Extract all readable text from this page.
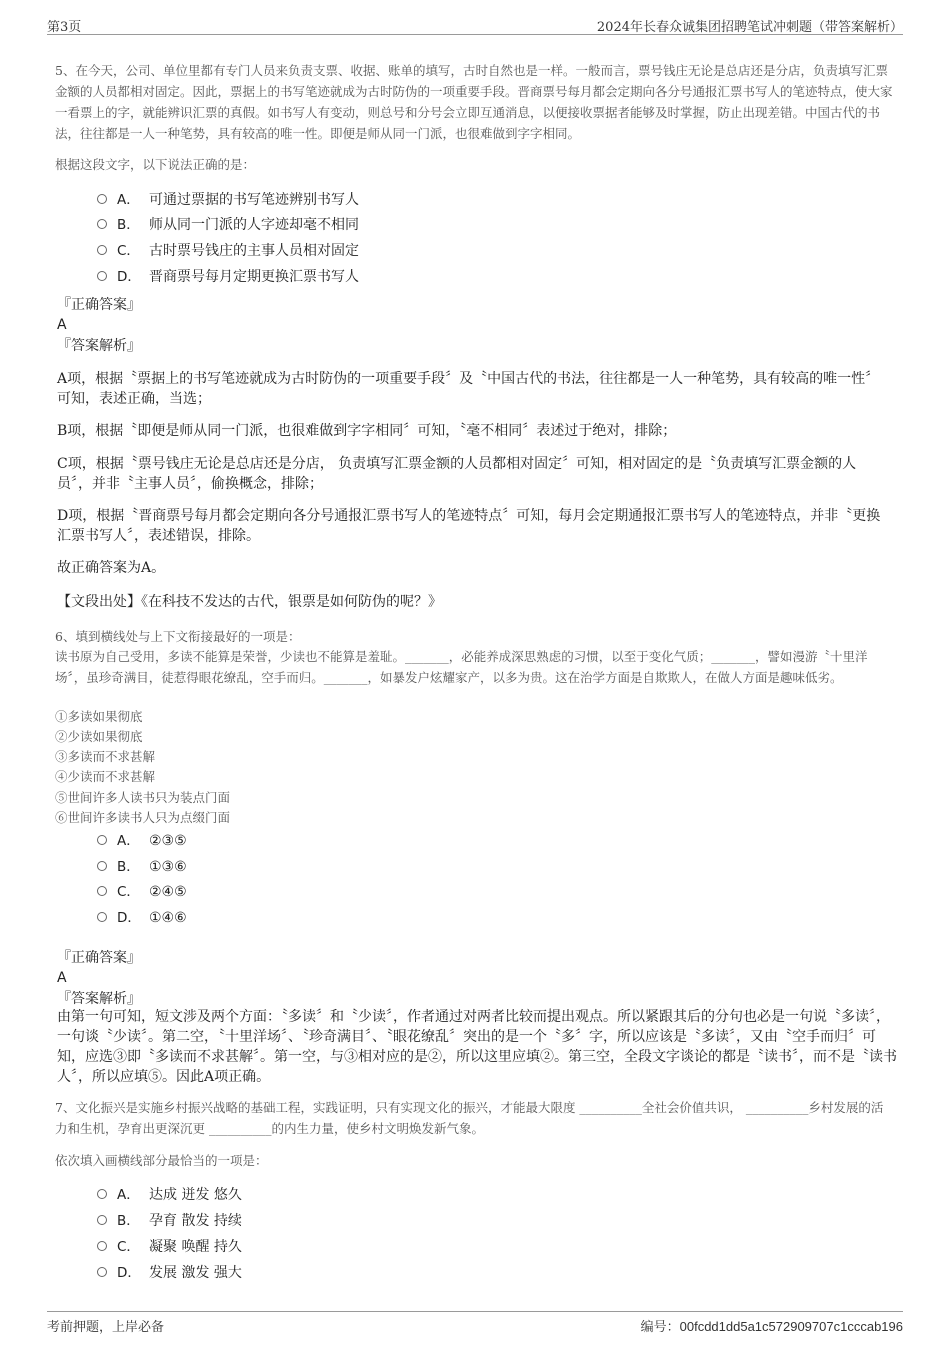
第3页	2024年长春众诚集团招聘笔试冲刺题（带答案解析）
5、在今天，公司、单位里都有专门人员来负责支票、收据、账单的填写，古时自然也是一样。一般而言，票号钱庄无论是总店还是分店，负责填写汇票金额的人员都相对固定。因此，票据上的书写笔迹就成为古时防伪的一项重要手段。晋商票号每月都会定期向各分号通报汇票书写人的笔迹特点，使大家一看票上的字，就能辨识汇票的真假。如书写人有变动，则总号和分号会立即互通消息，以便接收票据者能够及时掌握，防止出现差错。中国古代的书法，往往都是一人一种笔势，具有较高的唯一性。即便是师从同一门派，也很难做到字字相同。
根据这段文字，以下说法正确的是：
A． 可通过票据的书写笔迹辨别书写人
B． 师从同一门派的人字迹却毫不相同
C． 古时票号钱庄的主事人员相对固定
D． 晋商票号每月定期更换汇票书写人
『正确答案』
A
『答案解析』
A项，根据〝票据上的书写笔迹就成为古时防伪的一项重要手段〞及〝中国古代的书法，往往都是一人一种笔势，具有较高的唯一性〞可知，表述正确，当选；
B项，根据〝即便是师从同一门派，也很难做到字字相同〞可知，〝毫不相同〞表述过于绝对，排除；
C项，根据〝票号钱庄无论是总店还是分店， 负责填写汇票金额的人员都相对固定〞可知，相对固定的是〝负责填写汇票金额的人员〞，并非〝主事人员〞，偷换概念，排除；
D项，根据〝晋商票号每月都会定期向各分号通报汇票书写人的笔迹特点〞可知，每月会定期通报汇票书写人的笔迹特点，并非〝更换汇票书写人〞，表述错误，排除。
故正确答案为A。
【文段出处】《在科技不发达的古代，银票是如何防伪的呢？》
6、填到横线处与上下文衔接最好的一项是：
读书原为自己受用，多读不能算是荣誉，少读也不能算是羞耻。_______，必能养成深思熟虑的习惯，以至于变化气质；_______，譬如漫游〝十里洋场〞，虽珍奇满目，徒惹得眼花缭乱，空手而归。_______，如暴发户炫耀家产，以多为贵。这在治学方面是自欺欺人，在做人方面是趣味低劣。
①多读如果彻底
②少读如果彻底
③多读而不求甚解
④少读而不求甚解
⑤世间许多人读书只为装点门面
⑥世间许多读书人只为点缀门面
A． ②③⑤
B． ①③⑥
C． ②④⑤
D． ①④⑥
『正确答案』
A
『答案解析』
由第一句可知，短文涉及两个方面：〝多读〞和〝少读〞，作者通过对两者比较而提出观点。所以紧跟其后的分句也必是一句说〝多读〞，一句谈〝少读〞。第二空，〝十里洋场〞、〝珍奇满目〞、〝眼花缭乱〞突出的是一个〝多〞字，所以应该是〝多读〞，又由〝空手而归〞可知，应选③即〝多读而不求甚解〞。第一空，与③相对应的是②，所以这里应填②。第三空，全段文字谈论的都是〝读书〞，而不是〝读书人〞，所以应填⑤。因此A项正确。
7、文化振兴是实施乡村振兴战略的基础工程，实践证明，只有实现文化的振兴，才能最大限度 __________全社会价值共识， __________乡村发展的活力和生机，孕育出更深沉更 __________的内生力量，使乡村文明焕发新气象。
依次填入画横线部分最恰当的一项是：
A． 达成 迸发 悠久
B． 孕育 散发 持续
C． 凝聚 唤醒 持久
D． 发展 激发 强大
考前押题，上岸必备	编号：00fcdd1dd5a1c572909707c1cccab196
